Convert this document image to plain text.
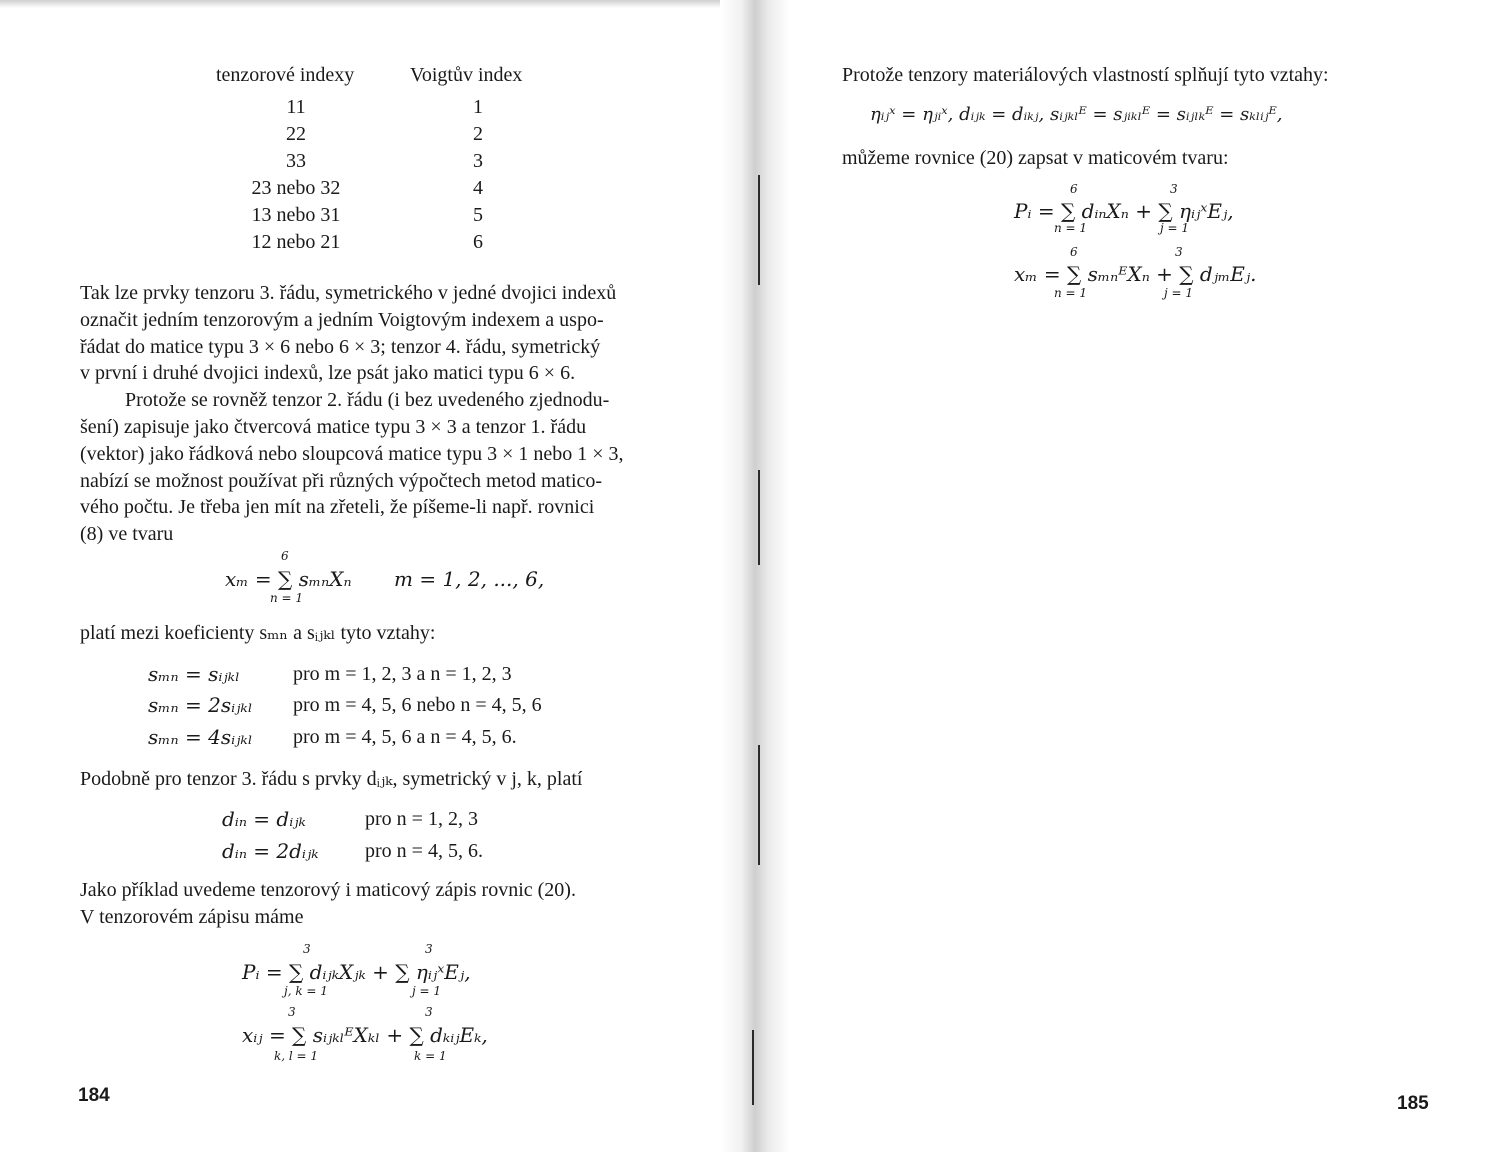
tenzorové indexy	Voigtův index
11	1
22	2
33	3
23 nebo 32	4
13 nebo 31	5
12 nebo 21	6

Tak lze prvky tenzoru 3. řádu, symetrického v jedné dvojici indexů

označit jedním tenzorovým a jedním Voigtovým indexem a uspo-

řádat do matice typu 3 × 6 nebo 6 × 3; tenzor 4. řádu, symetrický

v první i druhé dvojici indexů, lze psát jako matici typu 6 × 6.

Protože se rovněž tenzor 2. řádu (i bez uvedeného zjednodu-

šení) zapisuje jako čtvercová matice typu 3 × 3 a tenzor 1. řádu

(vektor) jako řádková nebo sloupcová matice typu 3 × 1 nebo 1 × 3,

nabízí se možnost používat při různých výpočtech metod matico-

vého počtu. Je třeba jen mít na zřeteli, že píšeme-li např. rovnici

(8) ve tvaru

6
xₘ = ∑ sₘₙXₙ m = 1, 2, ..., 6,
n = 1
platí mezi koeficienty sₘₙ a sᵢⱼₖₗ tyto vztahy:
sₘₙ = sᵢⱼₖₗ	pro m = 1, 2, 3 a n = 1, 2, 3
sₘₙ = 2sᵢⱼₖₗ pro m = 4, 5, 6 nebo n = 4, 5, 6
sₘₙ = 4sᵢⱼₖₗ pro m = 4, 5, 6 a n = 4, 5, 6.
Podobně pro tenzor 3. řádu s prvky dᵢⱼₖ, symetrický v j, k, platí
dᵢₙ = dᵢⱼₖ	pro n = 1, 2, 3
dᵢₙ = 2dᵢⱼₖ pro n = 4, 5, 6.

Jako příklad uvedeme tenzorový i maticový zápis rovnic (20).

V tenzorovém zápisu máme

3	3
Pᵢ = ∑ dᵢⱼₖXⱼₖ + ∑ ηᵢⱼˣEⱼ,
j, k = 1	j = 1
3	3
xᵢⱼ = ∑ sᵢⱼₖₗᴱXₖₗ + ∑ dₖᵢⱼEₖ,
k, l = 1	k = 1
184
Protože tenzory materiálových vlastností splňují tyto vztahy:
ηᵢⱼˣ = ηⱼᵢˣ, dᵢⱼₖ = dᵢₖⱼ, sᵢⱼₖₗᴱ = sⱼᵢₖₗᴱ = sᵢⱼₗₖᴱ = sₖₗᵢⱼᴱ,
můžeme rovnice (20) zapsat v maticovém tvaru:
6	3
Pᵢ = ∑ dᵢₙXₙ + ∑ ηᵢⱼˣEⱼ,
n = 1	j = 1
6	3
xₘ = ∑ sₘₙᴱXₙ + ∑ dⱼₘEⱼ.
n = 1	j = 1
185
